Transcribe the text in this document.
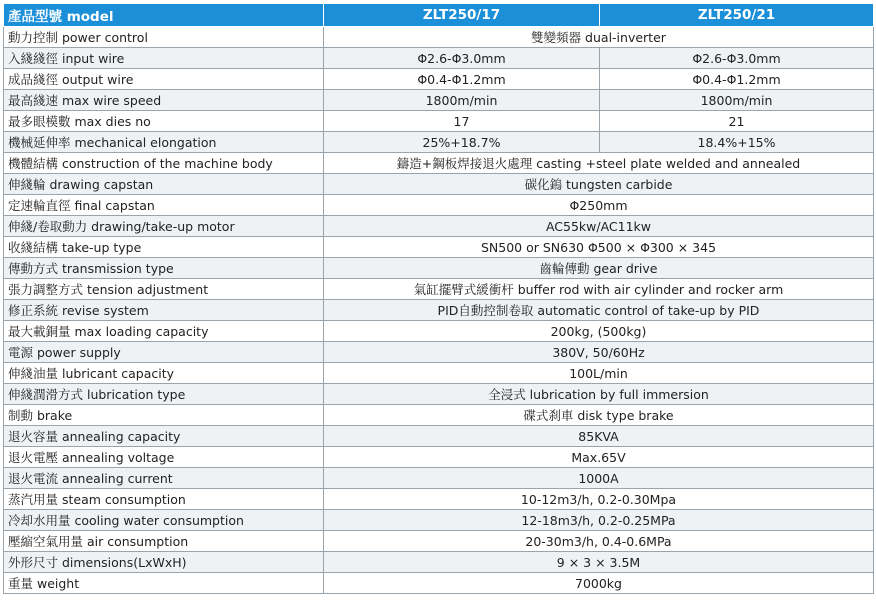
產品型號 model	ZLT250/17	ZLT250/21
動力控制 power control	雙變頻器 dual-inverter	
入綫綫徑 input wire	Φ2.6-Φ3.0mm	Φ2.6-Φ3.0mm
成品綫徑 output wire	Φ0.4-Φ1.2mm	Φ0.4-Φ1.2mm
最高綫速 max wire speed	1800m/min	1800m/min
最多眼模數 max dies no	17	21
機械延伸率 mechanical elongation	25%+18.7%	18.4%+15%
機體結構 construction of the machine body	鑄造+鋼板焊接退火處理 casting +steel plate welded and annealed	
伸綫輪 drawing capstan	碳化鎢 tungsten carbide	
定速輪直徑 final capstan	Φ250mm	
伸綫/卷取動力 drawing/take-up motor	AC55kw/AC11kw	
收綫結構 take-up type	SN500 or SN630 Φ500 × Φ300 × 345	
傳動方式 transmission type	齒輪傳動 gear drive	
張力調整方式 tension adjustment	氣缸擺臂式緩衝杆 buffer rod with air cylinder and rocker arm	
修正系統 revise system	PID自動控制卷取 automatic control of take-up by PID	
最大載銅量 max loading capacity	200kg, (500kg)	
電源 power supply	380V, 50/60Hz	
伸綫油量 lubricant capacity	100L/min	
伸綫潤滑方式 lubrication type	全浸式 lubrication by full immersion	
制動 brake	碟式刹車 disk type brake	
退火容量 annealing capacity	85KVA	
退火電壓 annealing voltage	Max.65V	
退火電流 annealing current	1000A	
蒸汽用量 steam consumption	10-12m3/h, 0.2-0.30Mpa	
冷却水用量 cooling water consumption	12-18m3/h, 0.2-0.25MPa	
壓縮空氣用量 air consumption	20-30m3/h, 0.4-0.6MPa	
外形尺寸 dimensions(LxWxH)	9 × 3 × 3.5M	
重量 weight	7000kg	
